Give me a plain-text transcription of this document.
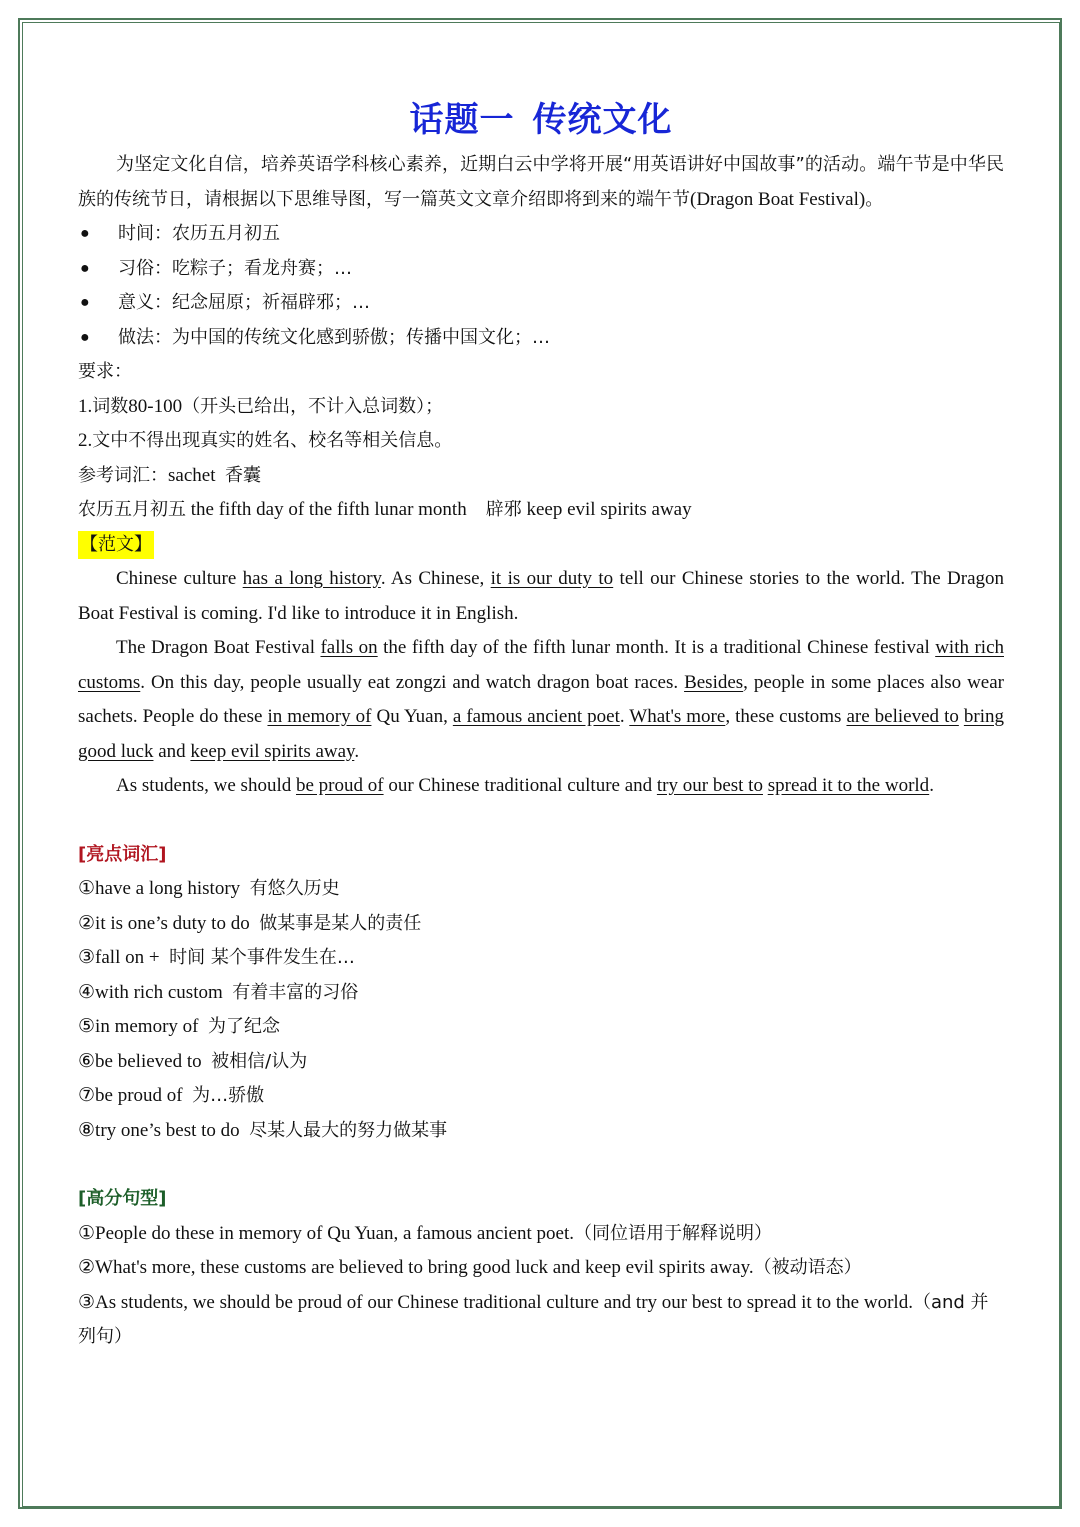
话题一 传统文化

为坚定文化自信，培养英语学科核心素养，近期白云中学将开展“用英语讲好中国故事”的活动。端午节是中华民族的传统节日，请根据以下思维导图，写一篇英文文章介绍即将到来的端午节(Dragon Boat Festival)。

●	时间：农历五月初五
●	习俗：吃粽子；看龙舟赛；…
●	意义：纪念屈原；祈福辟邪；…
●	做法：为中国的传统文化感到骄傲；传播中国文化；…

要求：

1.词数80-100（开头已给出，不计入总词数）；

2.文中不得出现真实的姓名、校名等相关信息。

参考词汇：sachet 香囊

农历五月初五 the fifth day of the fifth lunar month 辟邪 keep evil spirits away

【范文】

Chinese culture has a long history. As Chinese, it is our duty to tell our Chinese stories to the world. The Dragon Boat Festival is coming. I'd like to introduce it in English.

The Dragon Boat Festival falls on the fifth day of the fifth lunar month. It is a traditional Chinese festival with rich customs. On this day, people usually eat zongzi and watch dragon boat races. Besides, people in some places also wear sachets. People do these in memory of Qu Yuan, a famous ancient poet. What's more, these customs are believed to bring good luck and keep evil spirits away.

As students, we should be proud of our Chinese traditional culture and try our best to spread it to the world.

[亮点词汇]

①have a long history 有悠久历史

②it is one’s duty to do 做某事是某人的责任

③fall on + 时间 某个事件发生在…

④with rich custom 有着丰富的习俗

⑤in memory of 为了纪念

⑥be believed to 被相信/认为

⑦be proud of 为…骄傲

⑧try one’s best to do 尽某人最大的努力做某事

[高分句型]

①People do these in memory of Qu Yuan, a famous ancient poet.（同位语用于解释说明）

②What's more, these customs are believed to bring good luck and keep evil spirits away.（被动语态）

③As students, we should be proud of our Chinese traditional culture and try our best to spread it to the world.（and 并列句）
